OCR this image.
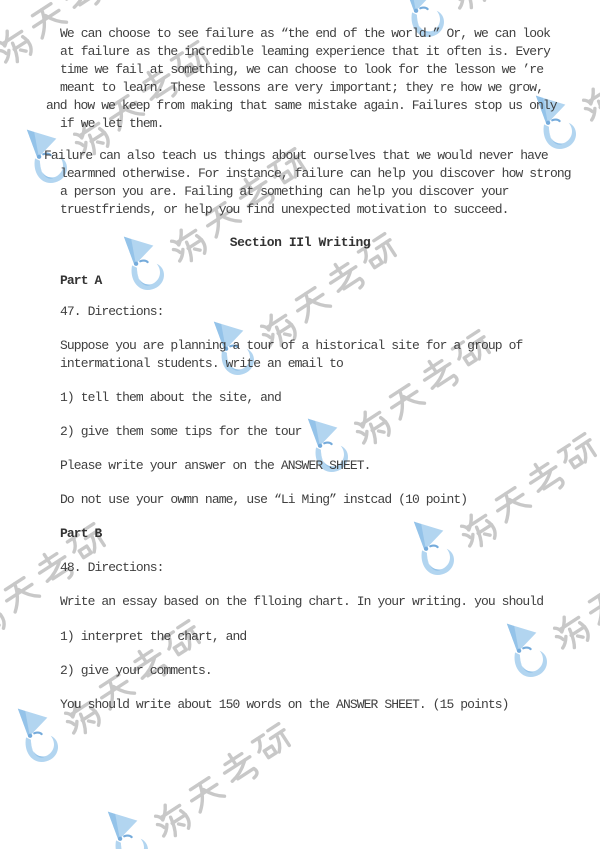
We can choose to see failure as “the end of the world.” Or, we can look
at failure as the incredible leaming experience that it often is. Every
time we fail at something, we can choose to look for the lesson we ’re
meant to learn. These lessons are very important; they re how we grow,
and how we keep from making that same mistake again. Failures stop us only
if we let them.
Failure can also teach us things about ourselves that we would never have
learmned otherwise. For instance, failure can help you discover how strong
a person you are. Failing at something can help you discover your
truestfriends, or help you find unexpected motivation to succeed.
Section IIl Writing
Part A
47. Directions:
Suppose you are planning a tour of a historical site for a group of
intermational students. write an email to
1) tell them about the site, and
2) give them some tips for the tour
Please write your answer on the ANSWER SHEET.
Do not use your owmn name, use “Li Ming” instcad (10 point)
Part B
48. Directions:
Write an essay based on the flloing chart. In your writing. you should
1) interpret the chart, and
2) give your comments.
You should write about 150 words on the ANSWER SHEET. (15 points)
